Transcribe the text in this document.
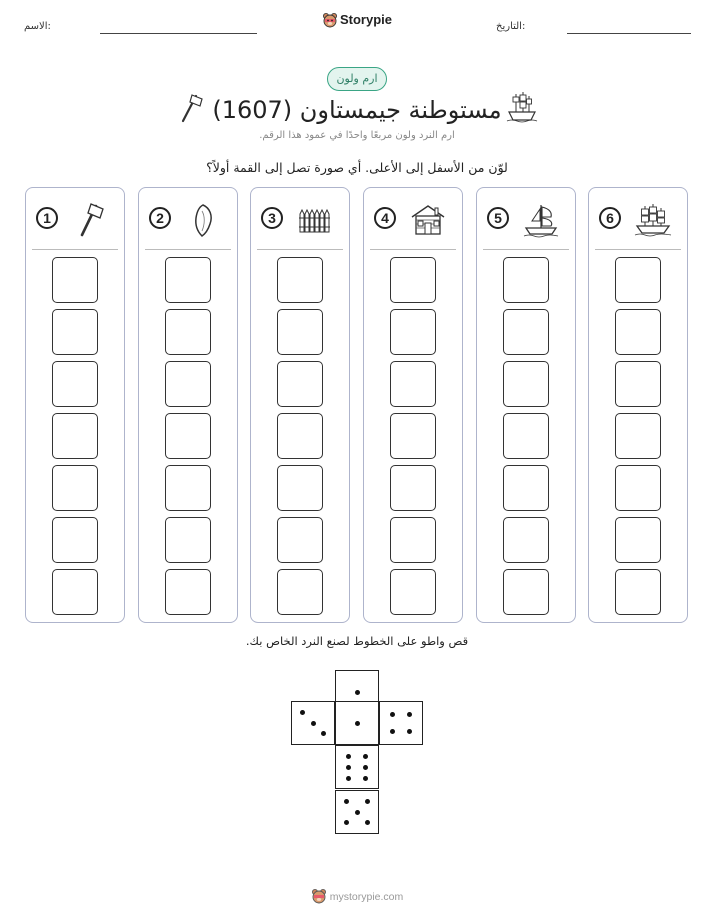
الاسم:	Storypie	التاريخ:
ارم ولون
مستوطنة جيمستاون (1607)
ارم النرد ولون مربعًا واحدًا في عمود هذا الرقم.
لوّن من الأسفل إلى الأعلى. أي صورة تصل إلى القمة أولاً؟
1	2	3	4	5	6
قص واطو على الخطوط لصنع النرد الخاص بك.
mystorypie.com
